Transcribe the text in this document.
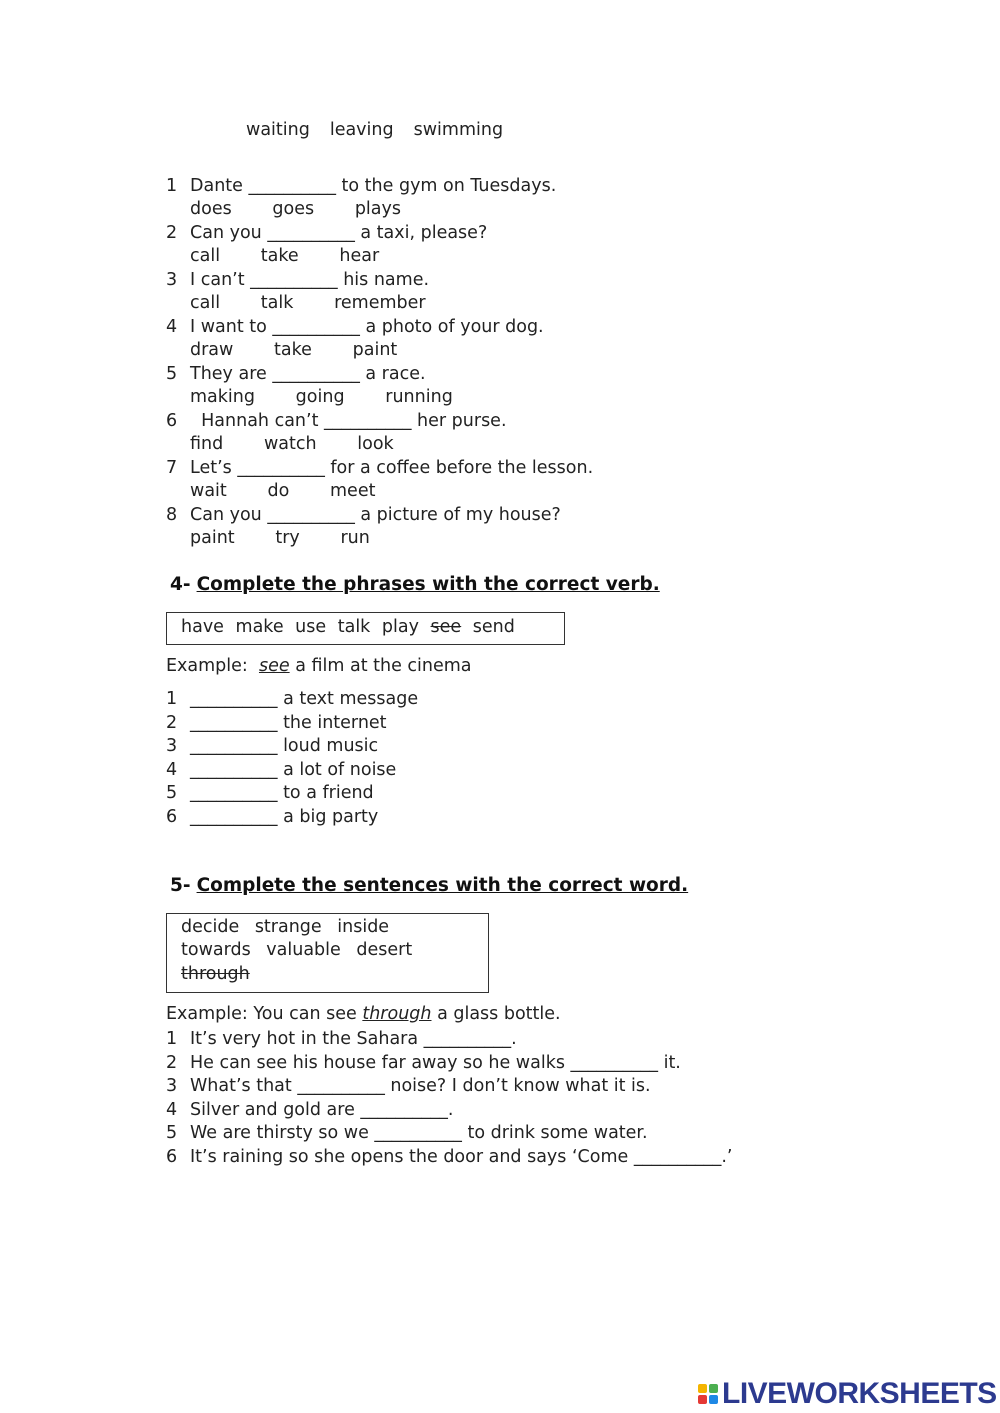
waiting leaving swimming
1 Dante __________ to the gym on Tuesdays.
does goes plays
2 Can you __________ a taxi, please?
call take hear
3 I can’t __________ his name.
call talk remember
4 I want to __________ a photo of your dog.
draw take paint
5 They are __________ a race.
making going running
6  Hannah can’t __________ her purse.
find watch look
7 Let’s __________ for a coffee before the lesson.
wait do meet
8 Can you __________ a picture of my house?
paint try run
4- Complete the phrases with the correct verb.
have make use talk play see send
Example: see a film at the cinema
1 __________ a text message
2 __________ the internet
3 __________ loud music
4 __________ a lot of noise
5 __________ to a friend
6 __________ a big party
5- Complete the sentences with the correct word.
decide strange inside
towards valuable desert
through
Example: You can see through a glass bottle.
1 It’s very hot in the Sahara __________.
2 He can see his house far away so he walks __________ it.
3 What’s that __________ noise? I don’t know what it is.
4 Silver and gold are __________.
5 We are thirsty so we __________ to drink some water.
6 It’s raining so she opens the door and says ‘Come __________.’
LIVEWORKSHEETS
